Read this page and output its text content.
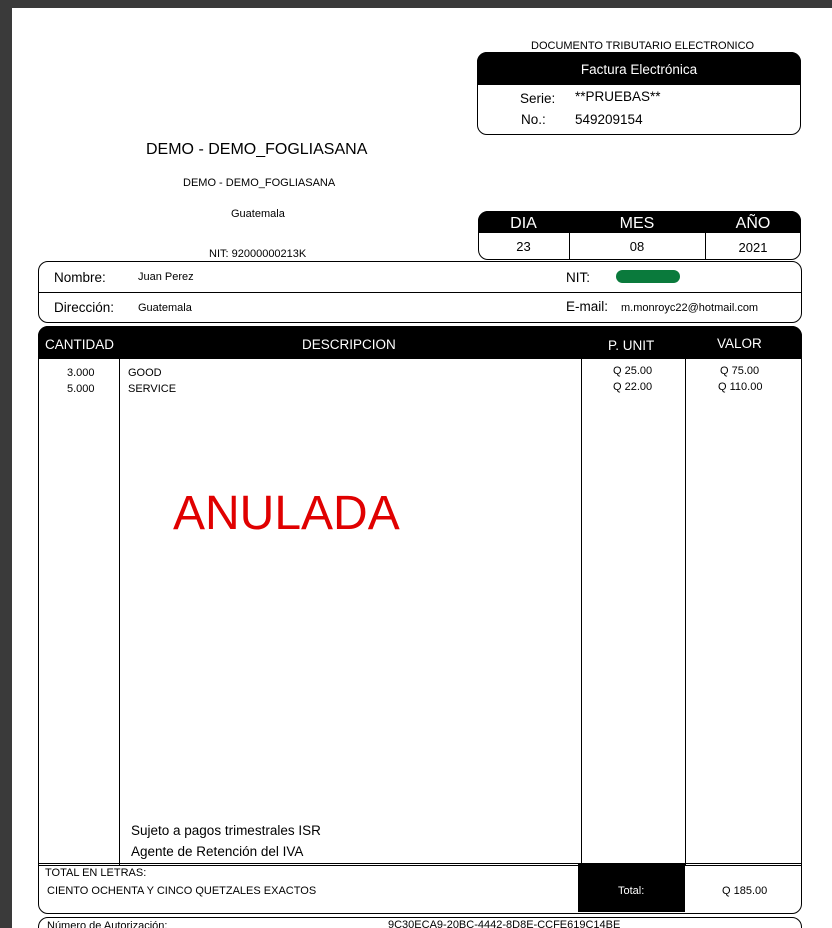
DOCUMENTO TRIBUTARIO ELECTRONICO
Factura Electrónica
Serie: **PRUEBAS**
No.: 549209154
DEMO - DEMO_FOGLIASANA
DEMO - DEMO_FOGLIASANA
Guatemala
NIT: 92000000213K
DIA	MES	AÑO
23	08	2021
Nombre:	Juan Perez	NIT:
Dirección: Guatemala	E-mail: m.monroyc22@hotmail.com
CANTIDAD	DESCRIPCION	P. UNIT	VALOR
3.000	GOOD	Q 25.00	Q 75.00
5.000	SERVICE	Q 22.00	Q 110.00
ANULADA
Sujeto a pagos trimestrales ISR
Agente de Retención del IVA
TOTAL EN LETRAS:
CIENTO OCHENTA Y CINCO QUETZALES EXACTOS	Total:	Q 185.00
Número de Autorización:	9C30ECA9-20BC-4442-8D8E-CCFE619C14BE
